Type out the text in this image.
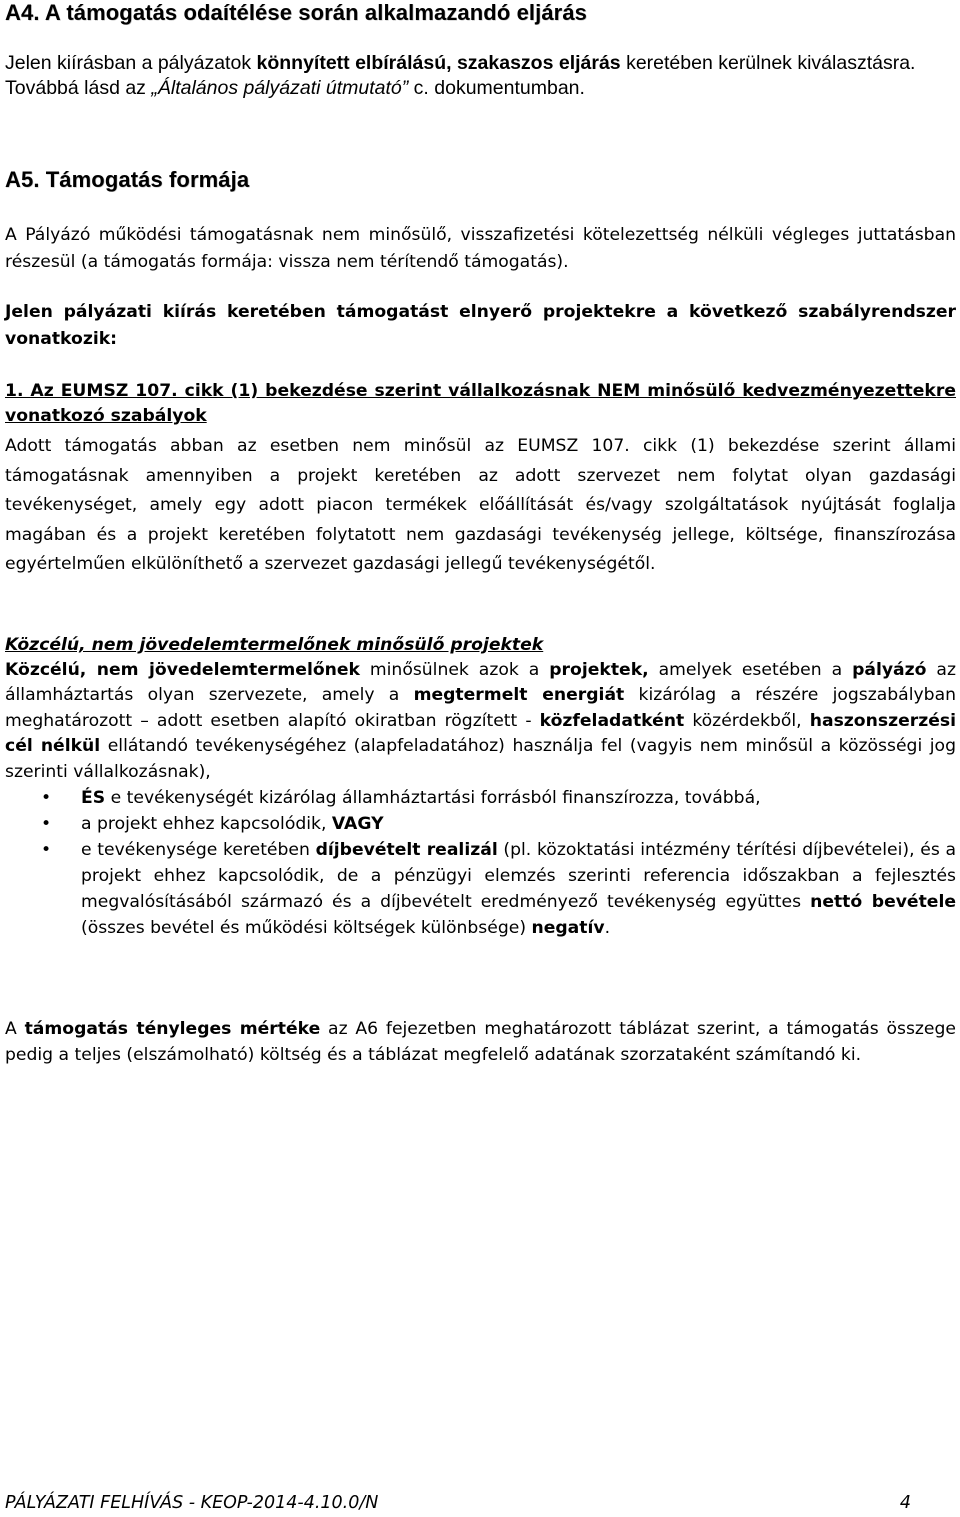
A4. A támogatás odaítélése során alkalmazandó eljárás

Jelen kiírásban a pályázatok könnyített elbírálású, szakaszos eljárás keretében kerülnek kiválasztásra.

Továbbá lásd az „Általános pályázati útmutató” c. dokumentumban.

A5. Támogatás formája

A Pályázó működési támogatásnak nem minősülő, visszafizetési kötelezettség nélküli végleges juttatásban részesül (a támogatás formája: vissza nem térítendő támogatás).

Jelen pályázati kiírás keretében támogatást elnyerő projektekre a következő szabályrendszer vonatkozik:

1. Az EUMSZ 107. cikk (1) bekezdése szerint vállalkozásnak NEM minősülő kedvezményezettekre vonatkozó szabályok

Adott támogatás abban az esetben nem minősül az EUMSZ 107. cikk (1) bekezdése szerint állami támogatásnak amennyiben a projekt keretében az adott szervezet nem folytat olyan gazdasági tevékenységet, amely egy adott piacon termékek előállítását és/vagy szolgáltatások nyújtását foglalja magában és a projekt keretében folytatott nem gazdasági tevékenység jellege, költsége, finanszírozása egyértelműen elkülöníthető a szervezet gazdasági jellegű tevékenységétől.

Közcélú, nem jövedelemtermelőnek minősülő projektek

Közcélú, nem jövedelemtermelőnek minősülnek azok a projektek, amelyek esetében a pályázó az államháztartás olyan szervezete, amely a megtermelt energiát kizárólag a részére jogszabályban meghatározott – adott esetben alapító okiratban rögzített - közfeladatként közérdekből, haszonszerzési cél nélkül ellátandó tevékenységéhez (alapfeladatához) használja fel (vagyis nem minősül a közösségi jog szerinti vállalkozásnak),

• ÉS e tevékenységét kizárólag államháztartási forrásból finanszírozza, továbbá,
• a projekt ehhez kapcsolódik, VAGY
• e tevékenysége keretében díjbevételt realizál (pl. közoktatási intézmény térítési díjbevételei), és a projekt ehhez kapcsolódik, de a pénzügyi elemzés szerinti referencia időszakban a fejlesztés megvalósításából származó és a díjbevételt eredményező tevékenység együttes nettó bevétele (összes bevétel és működési költségek különbsége) negatív.

A támogatás tényleges mértéke az A6 fejezetben meghatározott táblázat szerint, a támogatás összege pedig a teljes (elszámolható) költség és a táblázat megfelelő adatának szorzataként számítandó ki.

PÁLYÁZATI FELHÍVÁS - KEOP-2014-4.10.0/N	4
